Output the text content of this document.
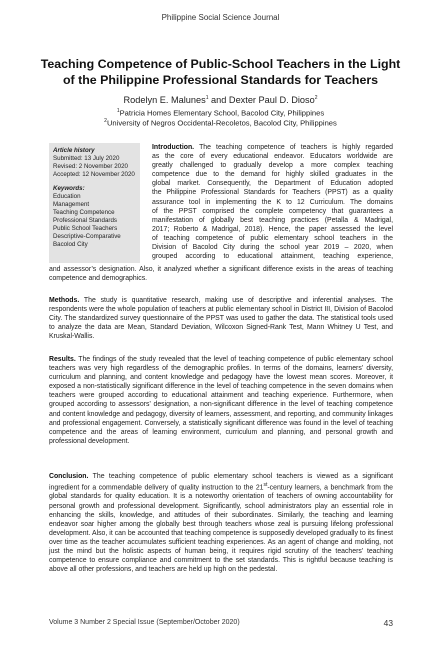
Philippine Social Science Journal
Teaching Competence of Public-School Teachers in the Light of the Philippine Professional Standards for Teachers
Rodelyn E. Malunes$^1$ and Dexter Paul D. Dioso$^2$
$^1$Patricia Homes Elementary School, Bacolod City, Philippines
$^2$University of Negros Occidental-Recoletos, Bacolod City, Philippines
Article history
Submitted: 13 July 2020
Revised: 2 November 2020
Accepted: 12 November 2020
Keywords:
Education
Management
Teaching Competence
Professional Standards
Public School Teachers
Descriptive-Comparative
Bacolod City
Introduction. The teaching competence of teachers is highly regarded
as the core of every educational endeavor. Educators worldwide are
greatly challenged to gradually develop a more complex teaching
competence due to the demand for highly skilled graduates in the
global market. Consequently, the Department of Education adopted
the Philippine Professional Standards for Teachers (PPST) as a quality
assurance tool in implementing the K to 12 Curriculum. The domains
of the PPST comprised the complete competency that guarantees a
manifestation of globally best teaching practices (Petalla & Madrigal,
2017; Roberto & Madrigal, 2018). Hence, the paper assessed the level
of teaching competence of public elementary school teachers in the
Division of Bacolod City during the school year 2019 – 2020, when
grouped according to educational attainment, teaching experience,
and assessor’s designation. Also, it analyzed whether a significant difference exists in the areas of teaching competence and demographics.
Methods. The study is quantitative research, making use of descriptive and inferential analyses. The respondents were the whole population of teachers at public elementary school in District III, Division of Bacolod City. The standardized survey questionnaire of the PPST was used to gather the data. The statistical tools used to analyze the data are Mean, Standard Deviation, Wilcoxon Signed-Rank Test, Mann Whitney U Test, and Kruskal-Wallis.
Results. The findings of the study revealed that the level of teaching competence of public elementary school teachers was very high regardless of the demographic profiles. In terms of the domains, learners’ diversity, curriculum and planning, and content knowledge and pedagogy have the lowest mean scores. Moreover, it exposed a non-statistically significant difference in the level of teaching competence in the seven domains when teachers were grouped according to educational attainment and teaching experience. Furthermore, when grouped according to assessors’ designation, a non-significant difference in the level of teaching competence and content knowledge and pedagogy, diversity of learners, assessment, and reporting, and community linkages and professional engagement. Conversely, a statistically significant difference was found in the level of teaching competence and the areas of learning environment, curriculum and planning, and personal growth and professional development.
Conclusion. The teaching competence of public elementary school teachers is viewed as a significant ingredient for a commendable delivery of quality instruction to the 21st-century learners, a benchmark from the global standards for quality education. It is a noteworthy orientation of teachers of owning accountability for personal growth and professional development. Significantly, school administrators play an essential role in enhancing the skills, knowledge, and attitudes of their subordinates. Similarly, the teaching and learning endeavor soar higher among the globally best through teachers whose zeal is pursuing lifelong professional development. Also, it can be accounted that teaching competence is supposedly developed gradually to its finest over time as the teacher accumulates sufficient teaching experiences. As an agent of change and molding, not just the mind but the holistic aspects of human being, it requires rigid scrutiny of the teachers’ teaching competence to ensure compliance and commitment to the set standards. This is rightful because teaching is above all other professions, and teachers are held up high on the pedestal.
Volume 3 Number 2 Special Issue (September/October 2020)	43
